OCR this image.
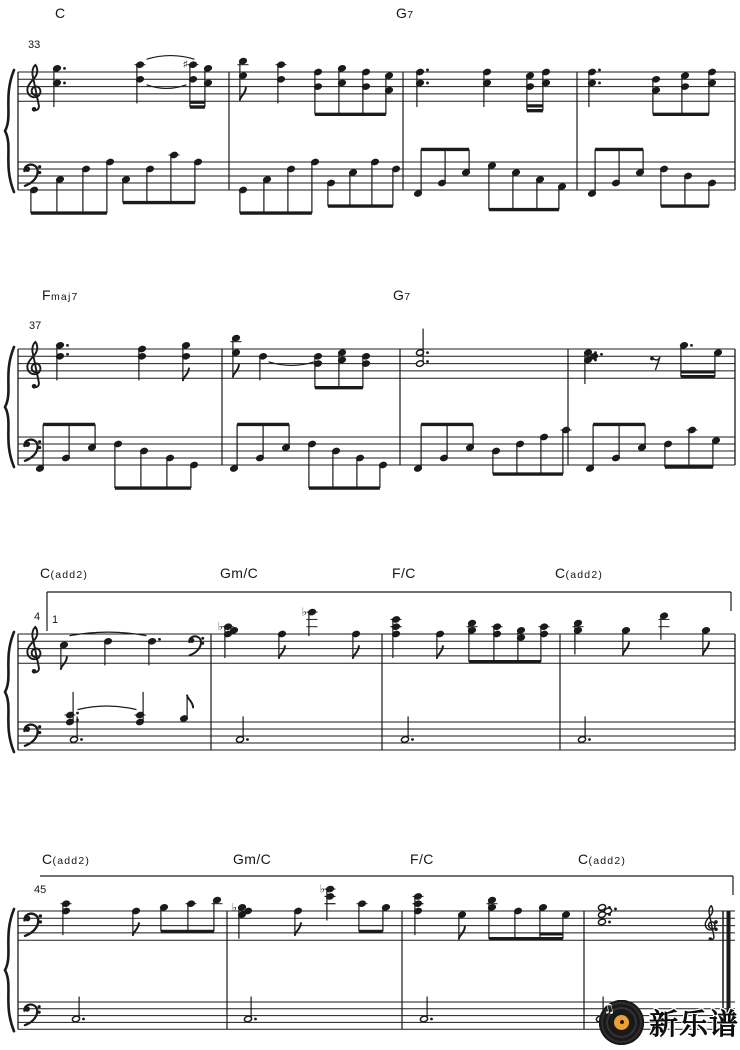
♯
♭
♭
♭
♭
C	G7
33
Fmaj7	G7
37
C(add2)	Gm/C	F/C	C(add2)
4 1
C(add2)	Gm/C	F/C	C(add2)
45
♫ 新乐谱
